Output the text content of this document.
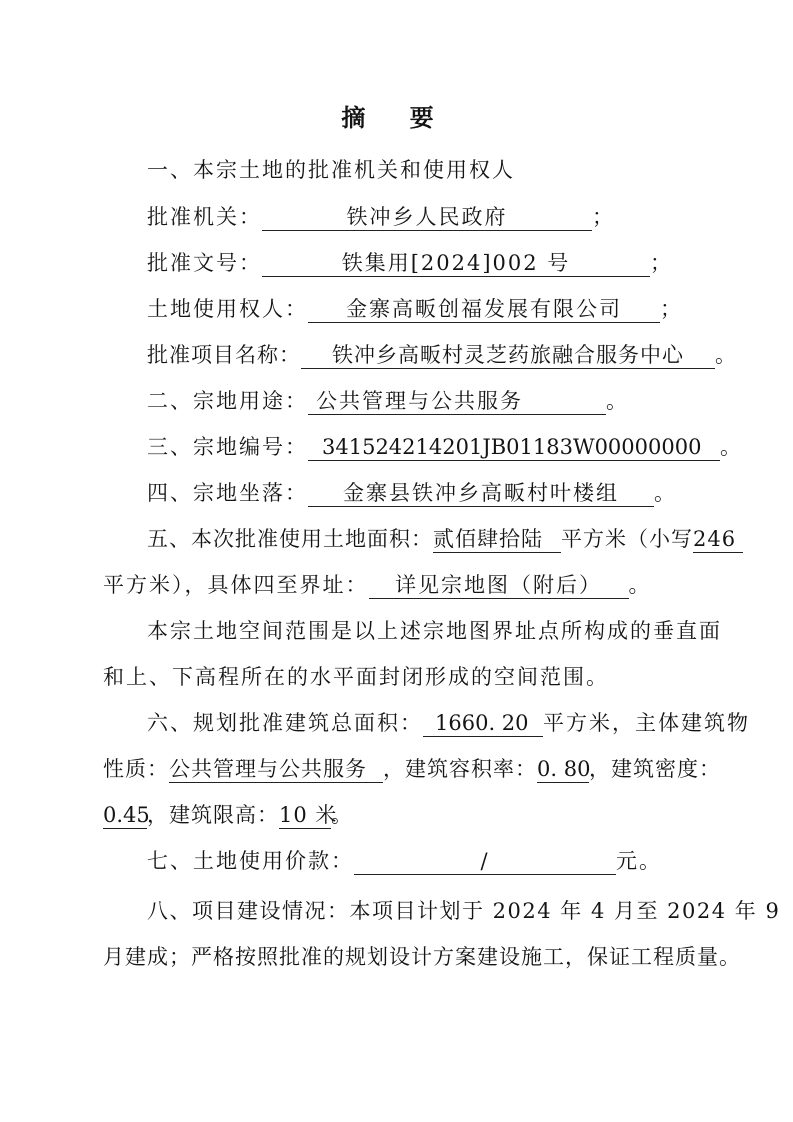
摘 要
一、本宗土地的批准机关和使用权人
批准机关：	铁冲乡人民政府	；
批准文号：	铁集用[2024]002 号	；
土地使用权人： 金寨高畈创福发展有限公司 ；
批准项目名称： 铁冲乡高畈村灵芝药旅融合服务中心 。
二、宗地用途： 公共管理与公共服务	。
三、宗地编号： 341524214201JB01183W00000000 。
四、宗地坐落： 金寨县铁冲乡高畈村叶楼组 。
五、本次批准使用土地面积：贰佰肆拾陆 平方米（小写246
平方米），具体四至界址： 详见宗地图（附后） 。
本宗土地空间范围是以上述宗地图界址点所构成的垂直面
和上、下高程所在的水平面封闭形成的空间范围。
六、规划批准建筑总面积： 1660. 20 平方米，主体建筑物
性质：公共管理与公共服务 ，建筑容积率：0. 80，建筑密度：
0.45，建筑限高：10 米。
七、土地使用价款：	/	元。
八、项目建设情况：本项目计划于 2024 年 4 月至 2024 年 9
月建成；严格按照批准的规划设计方案建设施工，保证工程质量。
